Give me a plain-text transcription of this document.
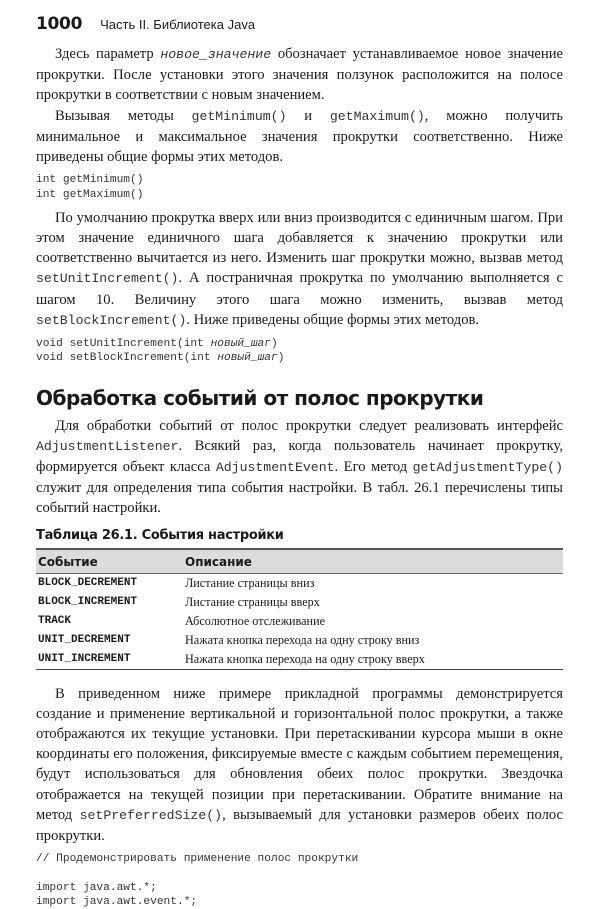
1000 Часть II. Библиотека Java

Здесь параметр новое_значение обозначает устанавливаемое новое значение прокрутки. После установки этого значения ползунок расположится на полосе прокрутки в соответствии с новым значением.

Вызывая методы getMinimum() и getMaximum(), можно получить минимальное и максимальное значения прокрутки соответственно. Ниже приведены общие формы этих методов.

int getMinimum()
int getMaximum()

По умолчанию прокрутка вверх или вниз производится с единичным шагом. При этом значение единичного шага добавляется к значению прокрутки или соответственно вычитается из него. Изменить шаг прокрутки можно, вызвав метод setUnitIncrement(). А постраничная прокрутка по умолчанию выполняется с шагом 10. Величину этого шага можно изменить, вызвав метод setBlockIncrement(). Ниже приведены общие формы этих методов.

void setUnitIncrement(int новый_шаг)
void setBlockIncrement(int новый_шаг)
Обработка событий от полос прокрутки

Для обработки событий от полос прокрутки следует реализовать интерфейс AdjustmentListener. Всякий раз, когда пользователь начинает прокрутку, формируется объект класса AdjustmentEvent. Его метод getAdjustmentType() служит для определения типа события настройки. В табл. 26.1 перечислены типы событий настройки.

Таблица 26.1. События настройки

Событие	Описание
BLOCK_DECREMENT	Листание страницы вниз
BLOCK_INCREMENT	Листание страницы вверх
TRACK	Абсолютное отслеживание
UNIT_DECREMENT	Нажата кнопка перехода на одну строку вниз
UNIT_INCREMENT	Нажата кнопка перехода на одну строку вверх

В приведенном ниже примере прикладной программы демонстрируется создание и применение вертикальной и горизонтальной полос прокрутки, а также отображаются их текущие установки. При перетаскивании курсора мыши в окне координаты его положения, фиксируемые вместе с каждым событием перемещения, будут использоваться для обновления обеих полос прокрутки. Звездочка отображается на текущей позиции при перетаскивании. Обратите внимание на метод setPreferredSize(), вызываемый для установки размеров обеих полос прокрутки.

// Продемонстрировать применение полос прокрутки

import java.awt.*;
import java.awt.event.*;
